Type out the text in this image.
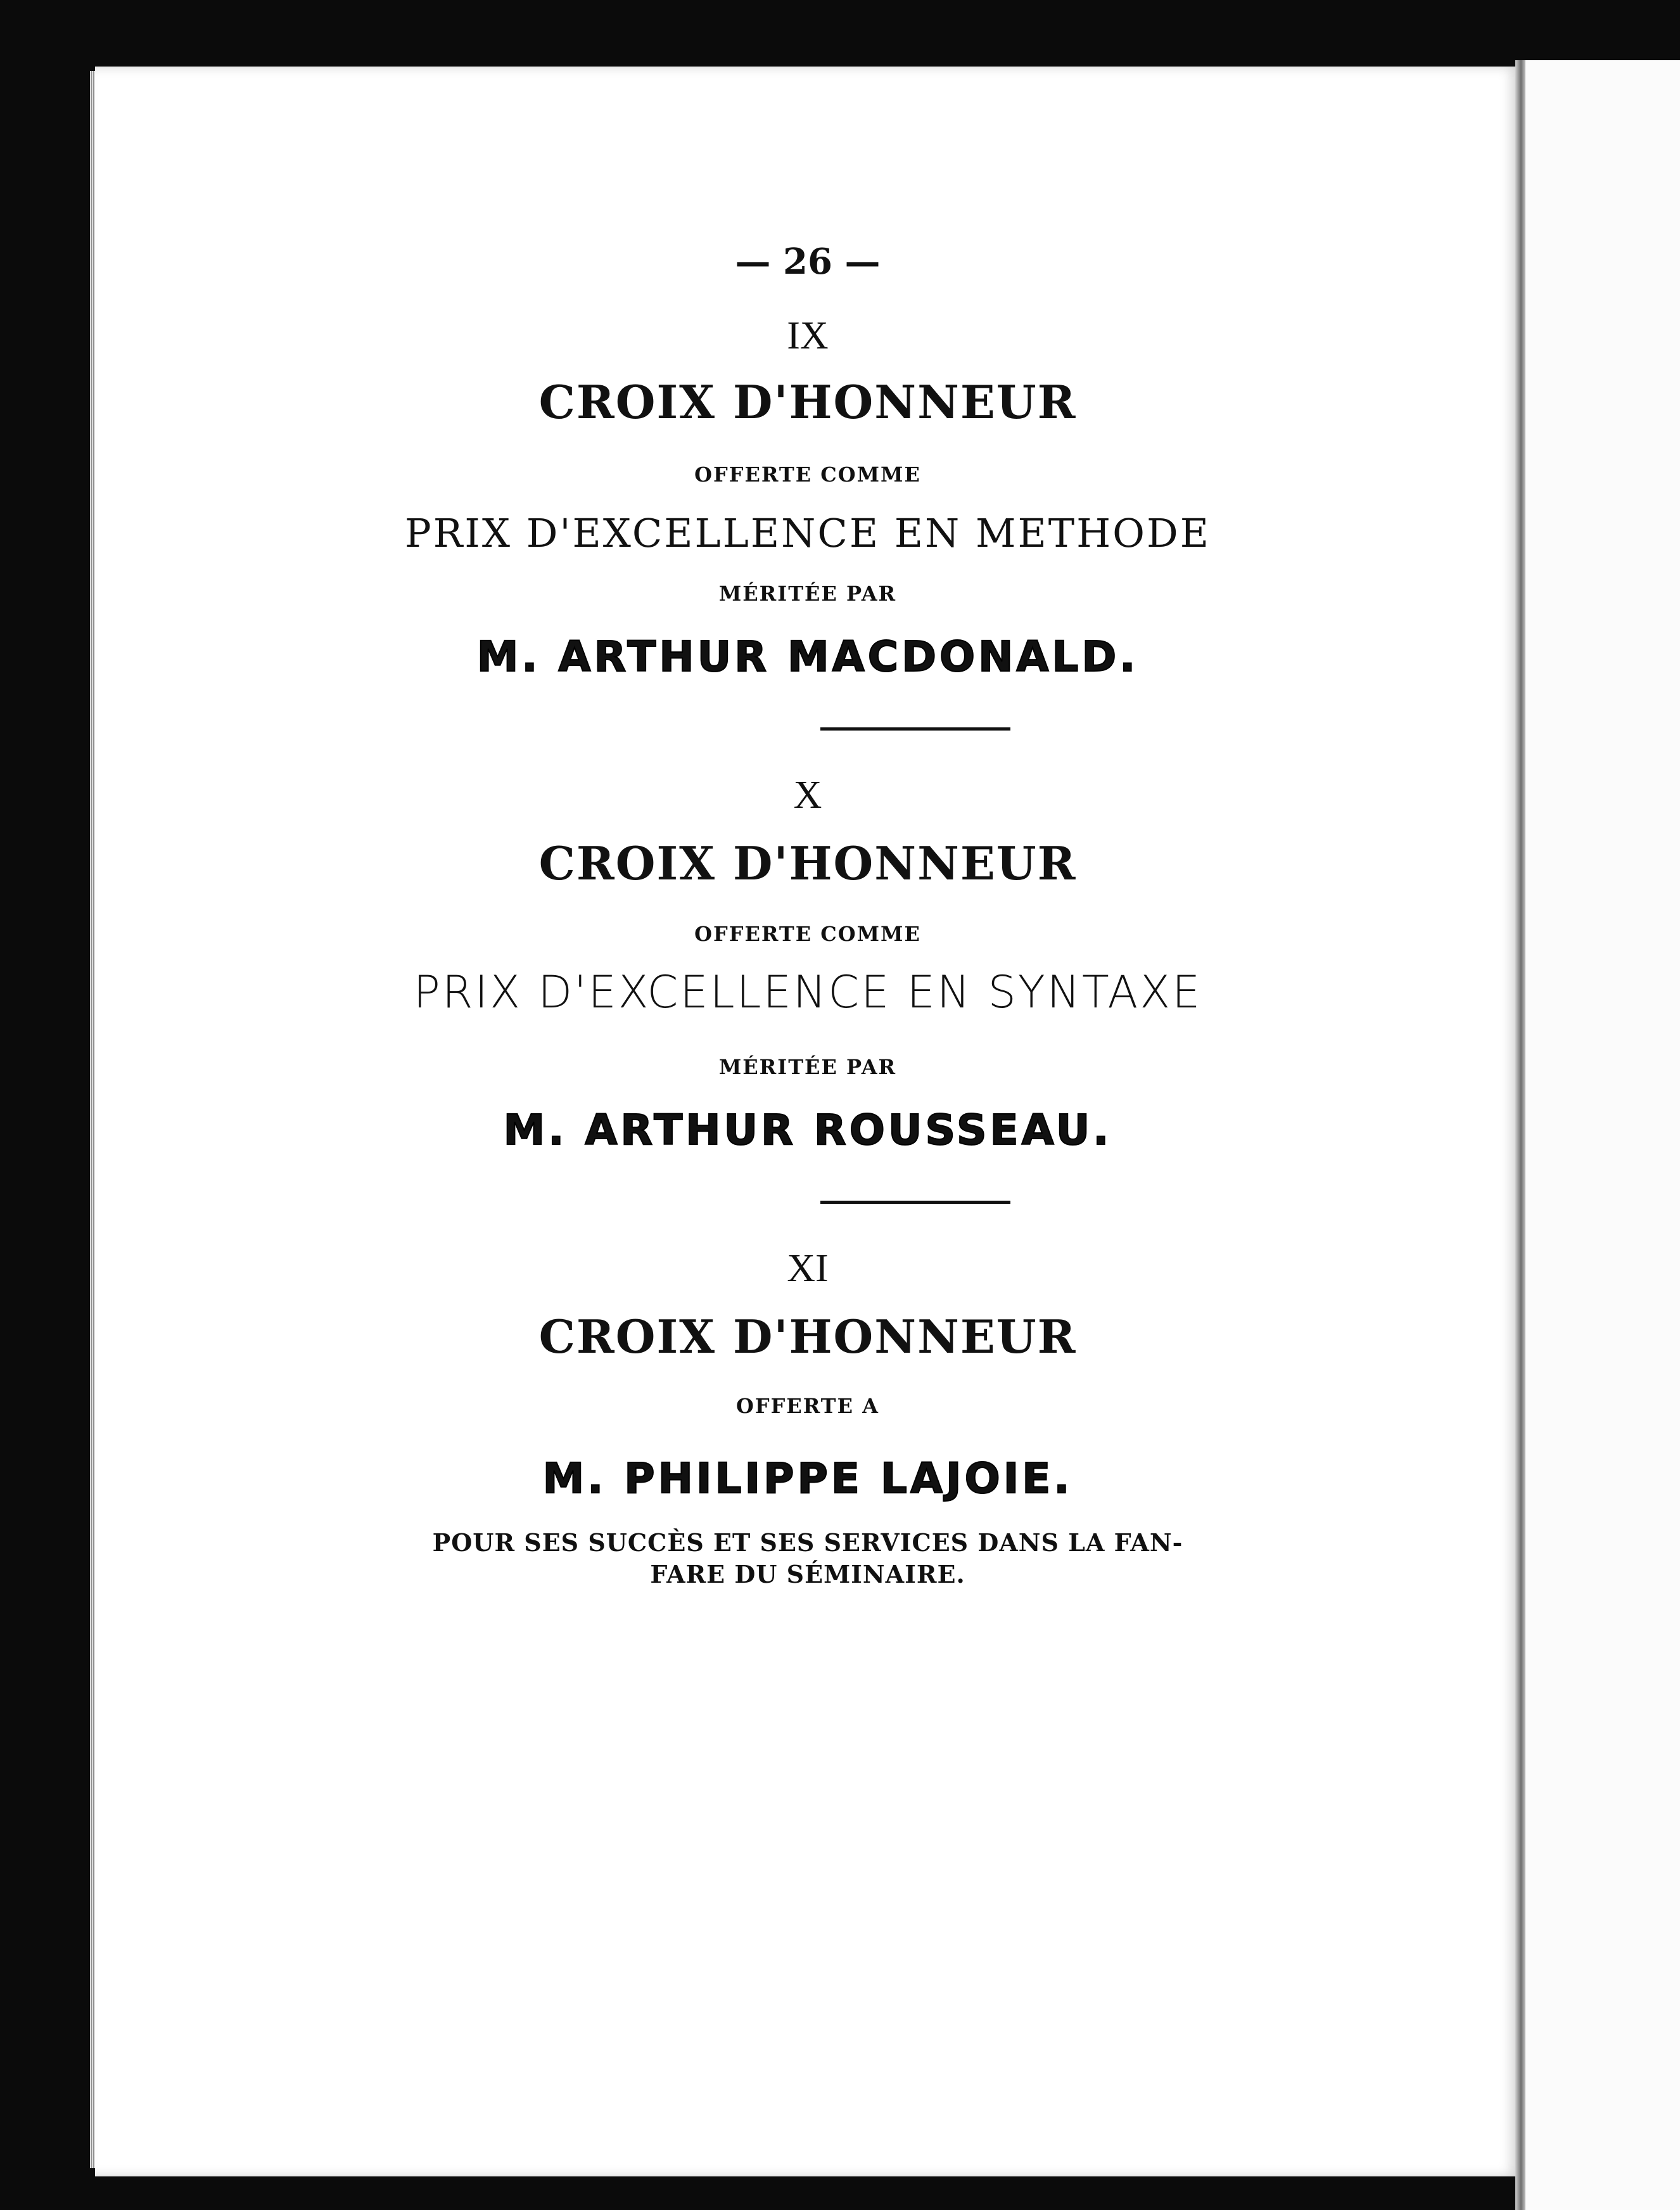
— 26 —
IX
CROIX D'HONNEUR
OFFERTE COMME
PRIX D'EXCELLENCE EN METHODE
MÉRITÉE PAR
M. ARTHUR MACDONALD.
X
CROIX D'HONNEUR
OFFERTE COMME
PRIX D'EXCELLENCE EN SYNTAXE
MÉRITÉE PAR
M. ARTHUR ROUSSEAU.
XI
CROIX D'HONNEUR
OFFERTE A
M. PHILIPPE LAJOIE.
POUR SES SUCCÈS ET SES SERVICES DANS LA FAN-
FARE DU SÉMINAIRE.
